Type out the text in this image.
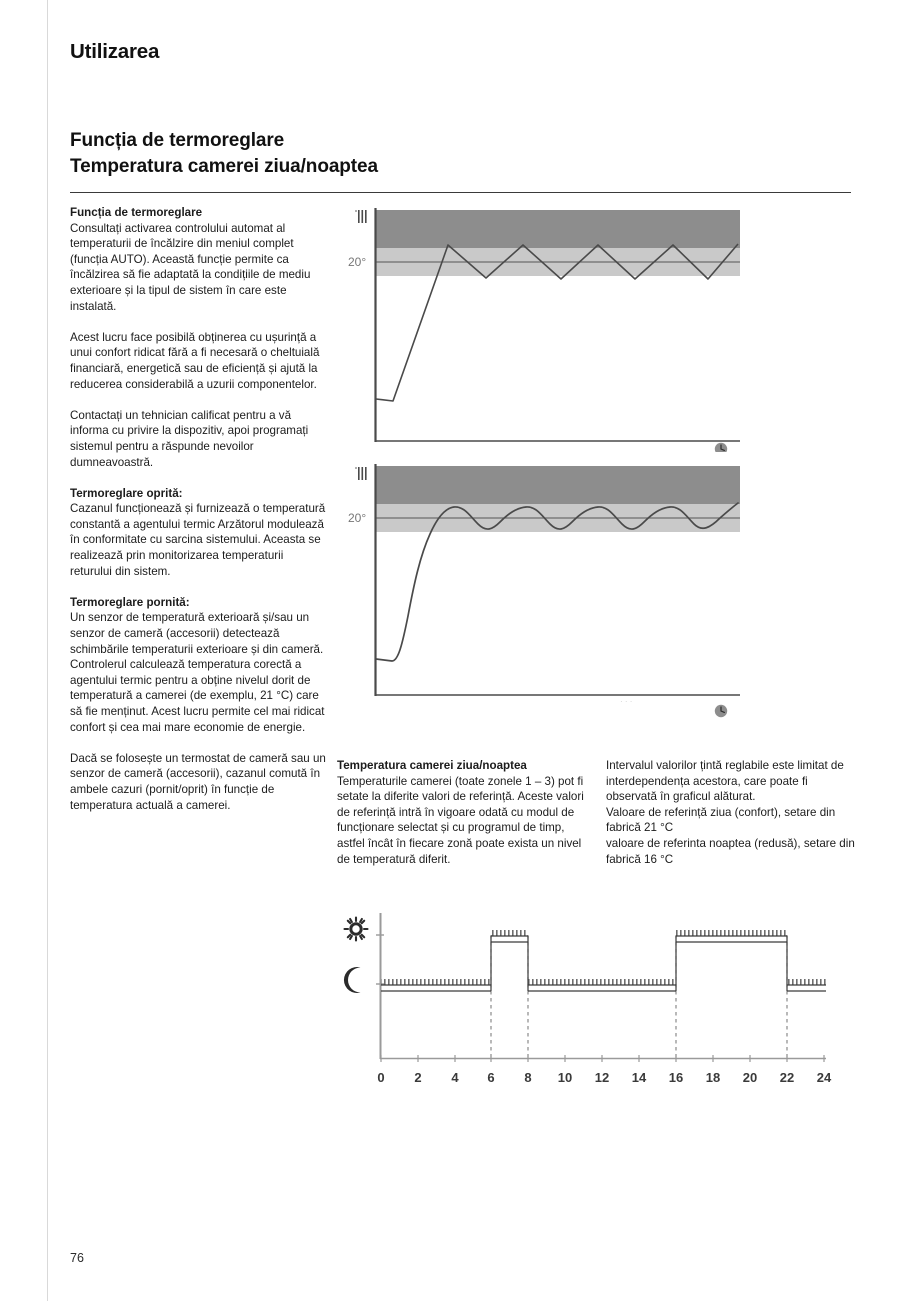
Utilizarea
Funcția de termoreglare
Temperatura camerei ziua/noaptea

Funcția de termoreglare
Consultați activarea controlului automat al temperaturii de încălzire din meniul complet (funcția AUTO). Această funcție permite ca încălzirea să fie adaptată la condițiile de mediu exterioare și la tipul de sistem în care este instalată.

Acest lucru face posibilă obținerea cu ușurință a unui confort ridicat fără a fi necesară o cheltuială financiară, energetică sau de eficiență și ajută la reducerea considerabilă a uzurii componentelor.

Contactați un tehnician calificat pentru a vă informa cu privire la dispozitiv, apoi programați sistemul pentru a răspunde nevoilor dumneavoastră.

Termoreglare oprită:
Cazanul funcționează și furnizează o temperatură constantă a agentului termic Arzătorul modulează în conformitate cu sarcina sistemului. Aceasta se realizează prin monitorizarea temperaturii returului din sistem.

Termoreglare pornită:
Un senzor de temperatură exterioară și/sau un senzor de cameră (accesorii) detectează schimbările temperaturii exterioare și din cameră. Controlerul calculează temperatura corectă a agentului termic pentru a obține nivelul dorit de temperatură a camerei (de exemplu, 21 °C) care să fie menținut. Acest lucru permite cel mai ridicat confort și cea mai mare economie de energie.

Dacă se folosește un termostat de cameră sau un senzor de cameră (accesorii), cazanul comută în ambele cazuri (pornit/oprit) în funcție de temperatura actuală a camerei.

Temperatura camerei ziua/noaptea
Temperaturile camerei (toate zonele 1 – 3) pot fi setate la diferite valori de referință. Aceste valori de referință intră în vigoare odată cu modul de funcționare selectat și cu programul de timp, astfel încât în fiecare zonă poate exista un nivel de temperatură diferit.

Intervalul valorilor țintă reglabile este limitat de interdependența acestora, care poate fi observată în graficul alăturat.

Valoare de referință ziua (confort), setare din fabrică 21 °C

valoare de referinta noaptea (redusă), setare din fabrică 16 °C

20°
20°
· · ·
0 2 4 6 8 10 12 14 16 18 20 22 24
76
